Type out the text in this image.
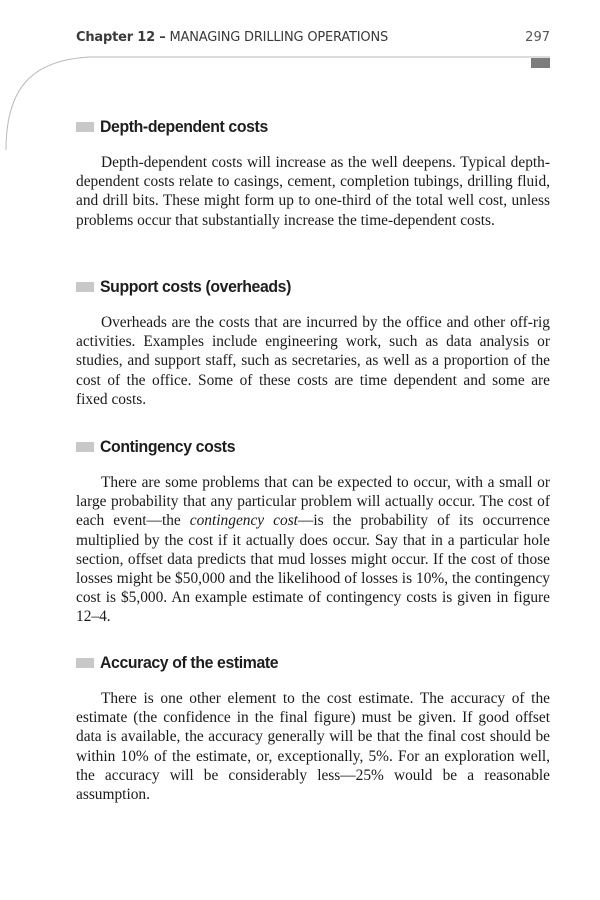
Chapter 12 – MANAGING DRILLING OPERATIONS	297
Depth-dependent costs

Depth-dependent costs will increase as the well deepens. Typical depth-dependent costs relate to casings, cement, completion tubings, drilling fluid, and drill bits. These might form up to one-third of the total well cost, unless problems occur that substantially increase the time-dependent costs.

Support costs (overheads)

Overheads are the costs that are incurred by the office and other off-rig activities. Examples include engineering work, such as data analysis or studies, and support staff, such as secretaries, as well as a proportion of the cost of the office. Some of these costs are time dependent and some are fixed costs.

Contingency costs

There are some problems that can be expected to occur, with a small or large probability that any particular problem will actually occur. The cost of each event—the contingency cost—is the probability of its occurrence multiplied by the cost if it actually does occur. Say that in a particular hole section, offset data predicts that mud losses might occur. If the cost of those losses might be $50,000 and the likelihood of losses is 10%, the contingency cost is $5,000. An example estimate of contingency costs is given in figure 12–4.

Accuracy of the estimate

There is one other element to the cost estimate. The accuracy of the estimate (the confidence in the final figure) must be given. If good offset data is available, the accuracy generally will be that the final cost should be within 10% of the estimate, or, exceptionally, 5%. For an exploration well, the accuracy will be considerably less—25% would be a reasonable assumption.
